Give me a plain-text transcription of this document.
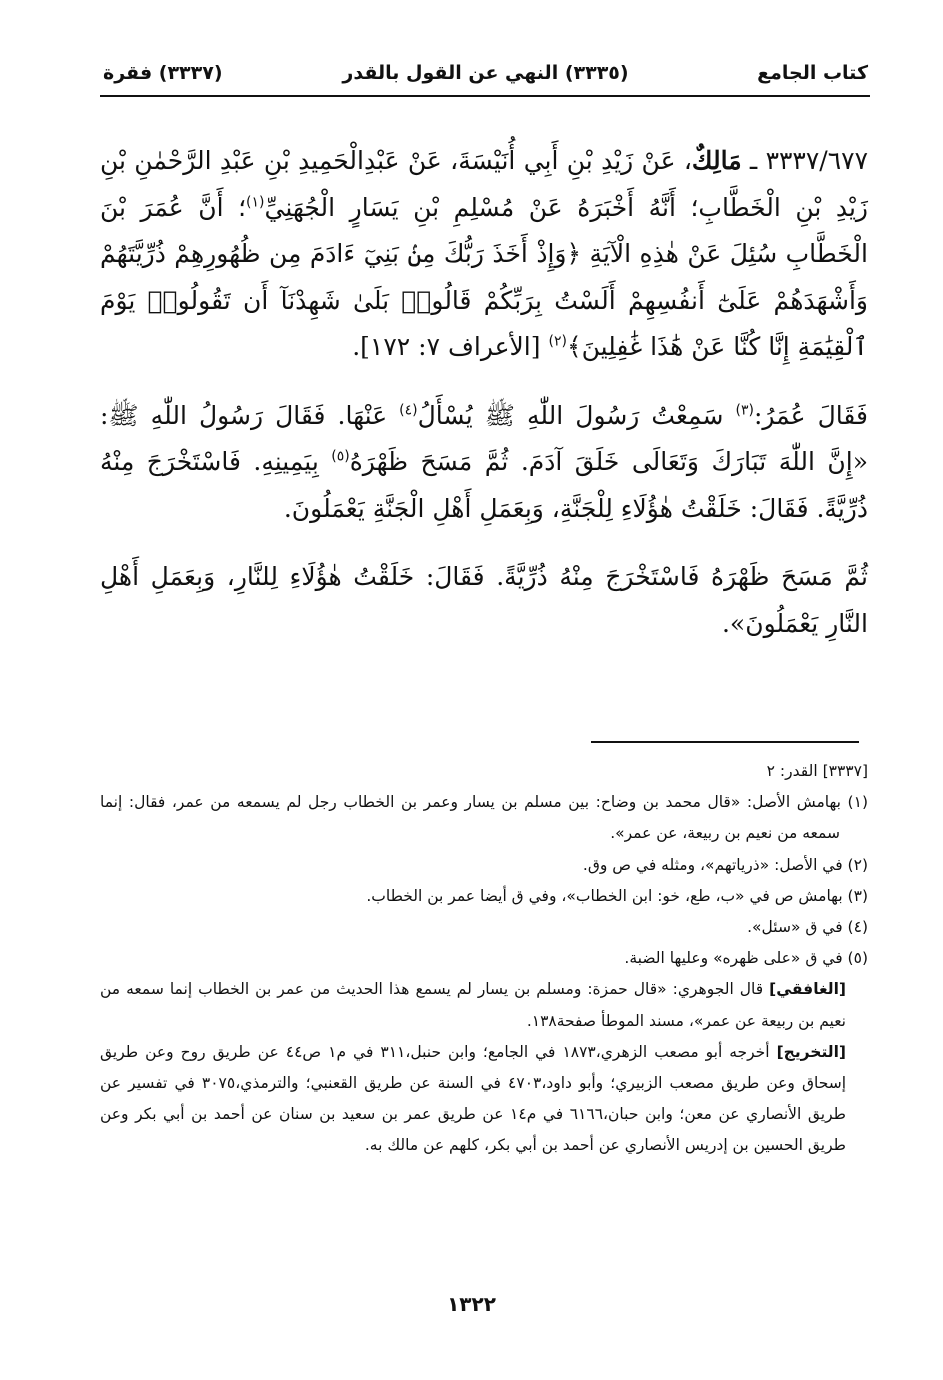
كتاب الجامع
(٣٣٣٥) النهي عن القول بالقدر
(٣٣٣٧) فقرة

٣٣٣٧/٦٧٧ ـ مَالِكٌ، عَنْ زَيْدِ بْنِ أَبِي أُنَيْسَةَ، عَنْ عَبْدِالْحَمِيدِ بْنِ عَبْدِ الرَّحْمٰنِ بْنِ زَيْدِ بْنِ الْخَطَّابِ؛ أَنَّهُ أَخْبَرَهُ عَنْ مُسْلِمِ بْنِ يَسَارٍ الْجُهَنِيِّ$^{(١)}$؛ أَنَّ عُمَرَ بْنَ الْخَطَّابِ سُئِلَ عَنْ هٰذِهِ الْآيَةِ ﴿وَإِذْ أَخَذَ رَبُّكَ مِنۢ بَنِيٓ ءَادَمَ مِن ظُهُورِهِمْ ذُرِّيَّتَهُمْ وَأَشْهَدَهُمْ عَلَىٰٓ أَنفُسِهِمْ أَلَسْتُ بِرَبِّكُمْ قَالُوا۟ بَلَىٰ شَهِدْنَآ أَن تَقُولُوا۟ يَوْمَ ٱلْقِيَٰمَةِ إِنَّا كُنَّا عَنْ هَٰذَا غَٰفِلِينَ﴾$^{(٢)}$ [الأعراف ٧: ١٧٢].

فَقَالَ عُمَرُ:$^{(٣)}$ سَمِعْتُ رَسُولَ اللّٰهِ ﷺ يُسْأَلُ$^{(٤)}$ عَنْهَا. فَقَالَ رَسُولُ اللّٰهِ ﷺ: «إِنَّ اللّٰهَ تَبَارَكَ وَتَعَالَى خَلَقَ آدَمَ. ثُمَّ مَسَحَ ظَهْرَهُ$^{(٥)}$ بِيَمِينِهِ. فَاسْتَخْرَجَ مِنْهُ ذُرِّيَّةً. فَقَالَ: خَلَقْتُ هٰؤُلَاءِ لِلْجَنَّةِ، وَبِعَمَلِ أَهْلِ الْجَنَّةِ يَعْمَلُونَ.

ثُمَّ مَسَحَ ظَهْرَهُ فَاسْتَخْرَجَ مِنْهُ ذُرِّيَّةً. فَقَالَ: خَلَقْتُ هٰؤُلَاءِ لِلنَّارِ، وَبِعَمَلِ أَهْلِ النَّارِ يَعْمَلُونَ».

[٣٣٣٧] القدر: ٢

(١) بهامش الأصل: «قال محمد بن وضاح: بين مسلم بن يسار وعمر بن الخطاب رجل لم يسمعه من عمر، فقال: إنما سمعه من نعيم بن ربيعة، عن عمر».

(٢) في الأصل: «ذرياتهم»، ومثله في ص وق.

(٣) بهامش ص في «ب، طع، خو: ابن الخطاب»، وفي ق أيضا عمر بن الخطاب.

(٤) في ق «سئل».

(٥) في ق «على ظهره» وعليها الضبة.

[الغافقي] قال الجوهري: «قال حمزة: ومسلم بن يسار لم يسمع هذا الحديث من عمر بن الخطاب إنما سمعه من نعيم بن ربيعة عن عمر»، مسند الموطأ صفحة١٣٨.

[التخريج] أخرجه أبو مصعب الزهري،١٨٧٣ في الجامع؛ وابن حنبل،٣١١ في م١ ص٤٤ عن طريق روح وعن طريق إسحاق وعن طريق مصعب الزبيري؛ وأبو داود،٤٧٠٣ في السنة عن طريق القعنبي؛ والترمذي،٣٠٧٥ في تفسير عن طريق الأنصاري عن معن؛ وابن حبان،٦١٦٦ في م١٤ عن طريق عمر بن سعيد بن سنان عن أحمد بن أبي بكر وعن طريق الحسين بن إدريس الأنصاري عن أحمد بن أبي بكر، كلهم عن مالك به.

١٣٢٢
